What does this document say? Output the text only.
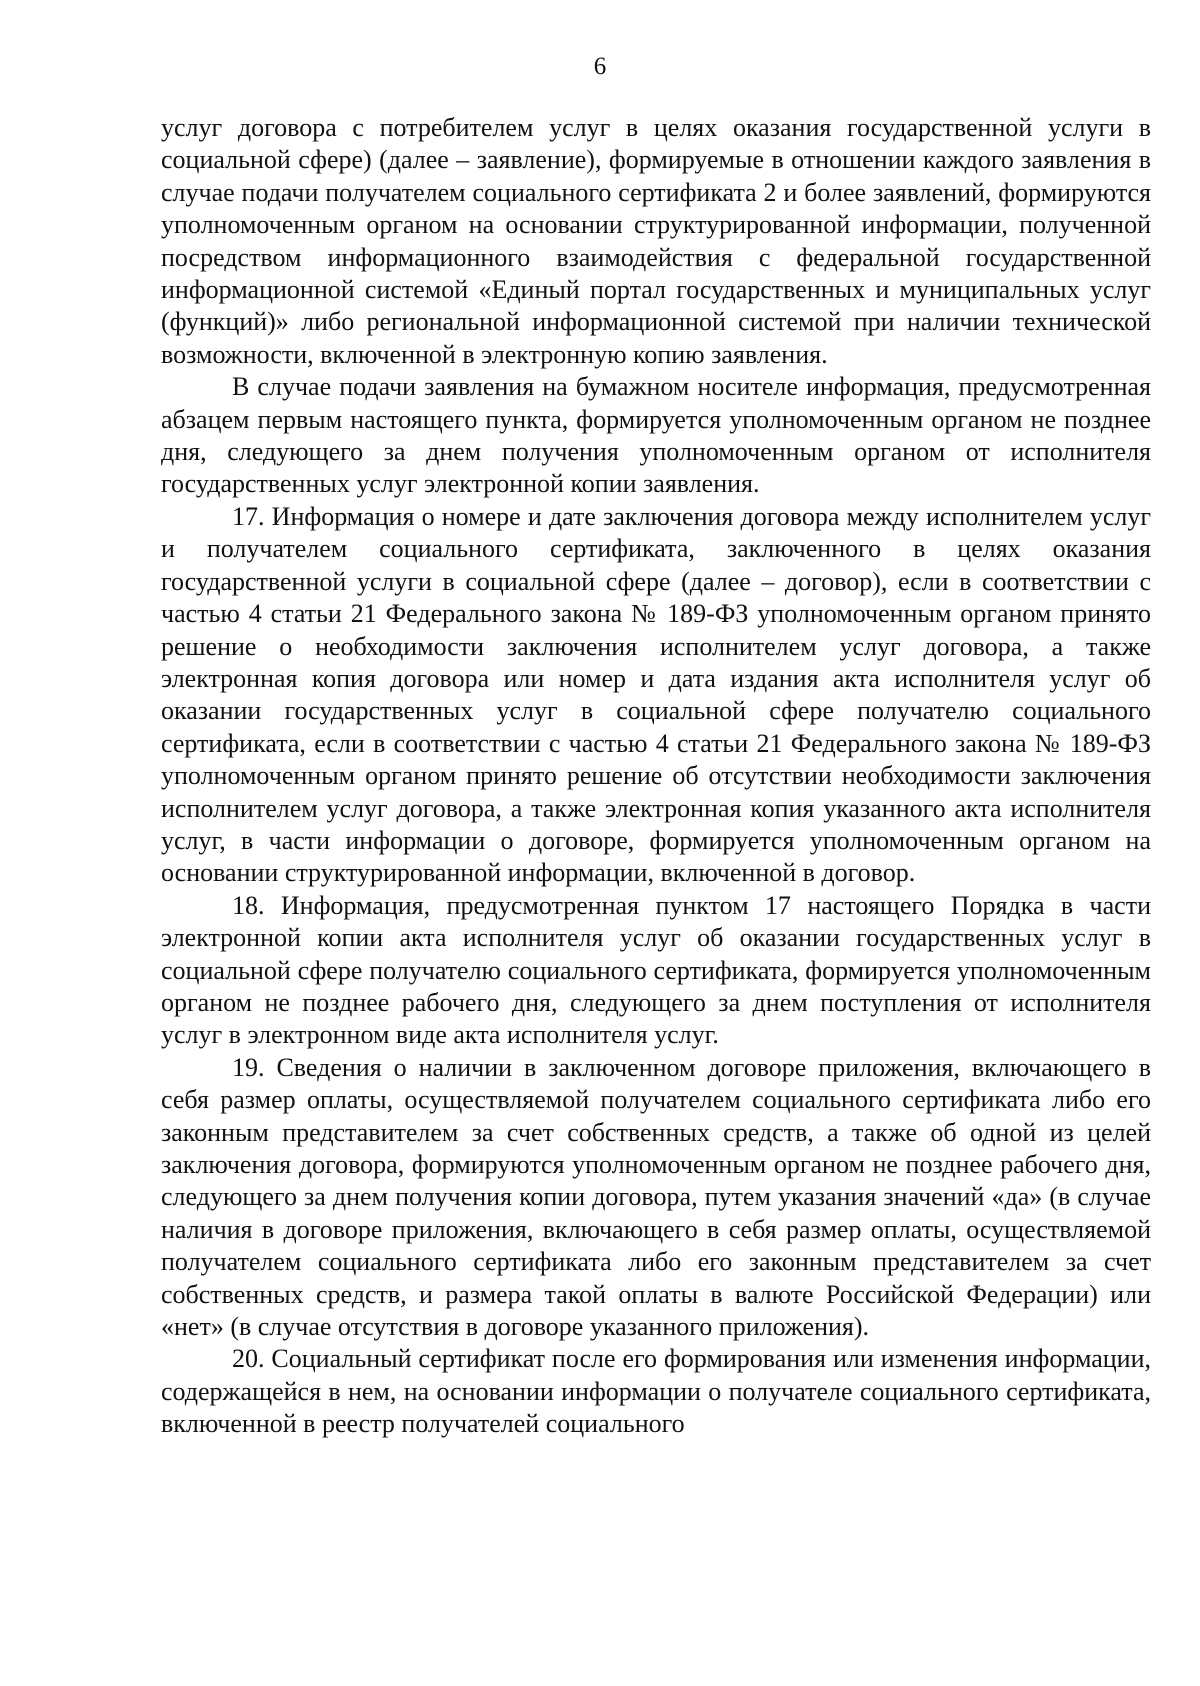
6

услуг договора с потребителем услуг в целях оказания государственной услуги в социальной сфере) (далее – заявление), формируемые в отношении каждого заявления в случае подачи получателем социального сертификата 2 и более заявлений, формируются уполномоченным органом на основании структурированной информации, полученной посредством информационного взаимодействия с федеральной государственной информационной системой «Единый портал государственных и муниципальных услуг (функций)» либо региональной информационной системой при наличии технической возможности, включенной в электронную копию заявления.

В случае подачи заявления на бумажном носителе информация, предусмотренная абзацем первым настоящего пункта, формируется уполномоченным органом не позднее дня, следующего за днем получения уполномоченным органом от исполнителя государственных услуг электронной копии заявления.

17. Информация о номере и дате заключения договора между исполнителем услуг и получателем социального сертификата, заключенного в целях оказания государственной услуги в социальной сфере (далее – договор), если в соответствии с частью 4 статьи 21 Федерального закона № 189-ФЗ уполномоченным органом принято решение о необходимости заключения исполнителем услуг договора, а также электронная копия договора или номер и дата издания акта исполнителя услуг об оказании государственных услуг в социальной сфере получателю социального сертификата, если в соответствии с частью 4 статьи 21 Федерального закона № 189-ФЗ уполномоченным органом принято решение об отсутствии необходимости заключения исполнителем услуг договора, а также электронная копия указанного акта исполнителя услуг, в части информации о договоре, формируется уполномоченным органом на основании структурированной информации, включенной в договор.

18. Информация, предусмотренная пунктом 17 настоящего Порядка в части электронной копии акта исполнителя услуг об оказании государственных услуг в социальной сфере получателю социального сертификата, формируется уполномоченным органом не позднее рабочего дня, следующего за днем поступления от исполнителя услуг в электронном виде акта исполнителя услуг.

19. Сведения о наличии в заключенном договоре приложения, включающего в себя размер оплаты, осуществляемой получателем социального сертификата либо его законным представителем за счет собственных средств, а также об одной из целей заключения договора, формируются уполномоченным органом не позднее рабочего дня, следующего за днем получения копии договора, путем указания значений «да» (в случае наличия в договоре приложения, включающего в себя размер оплаты, осуществляемой получателем социального сертификата либо его законным представителем за счет собственных средств, и размера такой оплаты в валюте Российской Федерации) или «нет» (в случае отсутствия в договоре указанного приложения).

20. Социальный сертификат после его формирования или изменения информации, содержащейся в нем, на основании информации о получателе социального сертификата, включенной в реестр получателей социального
